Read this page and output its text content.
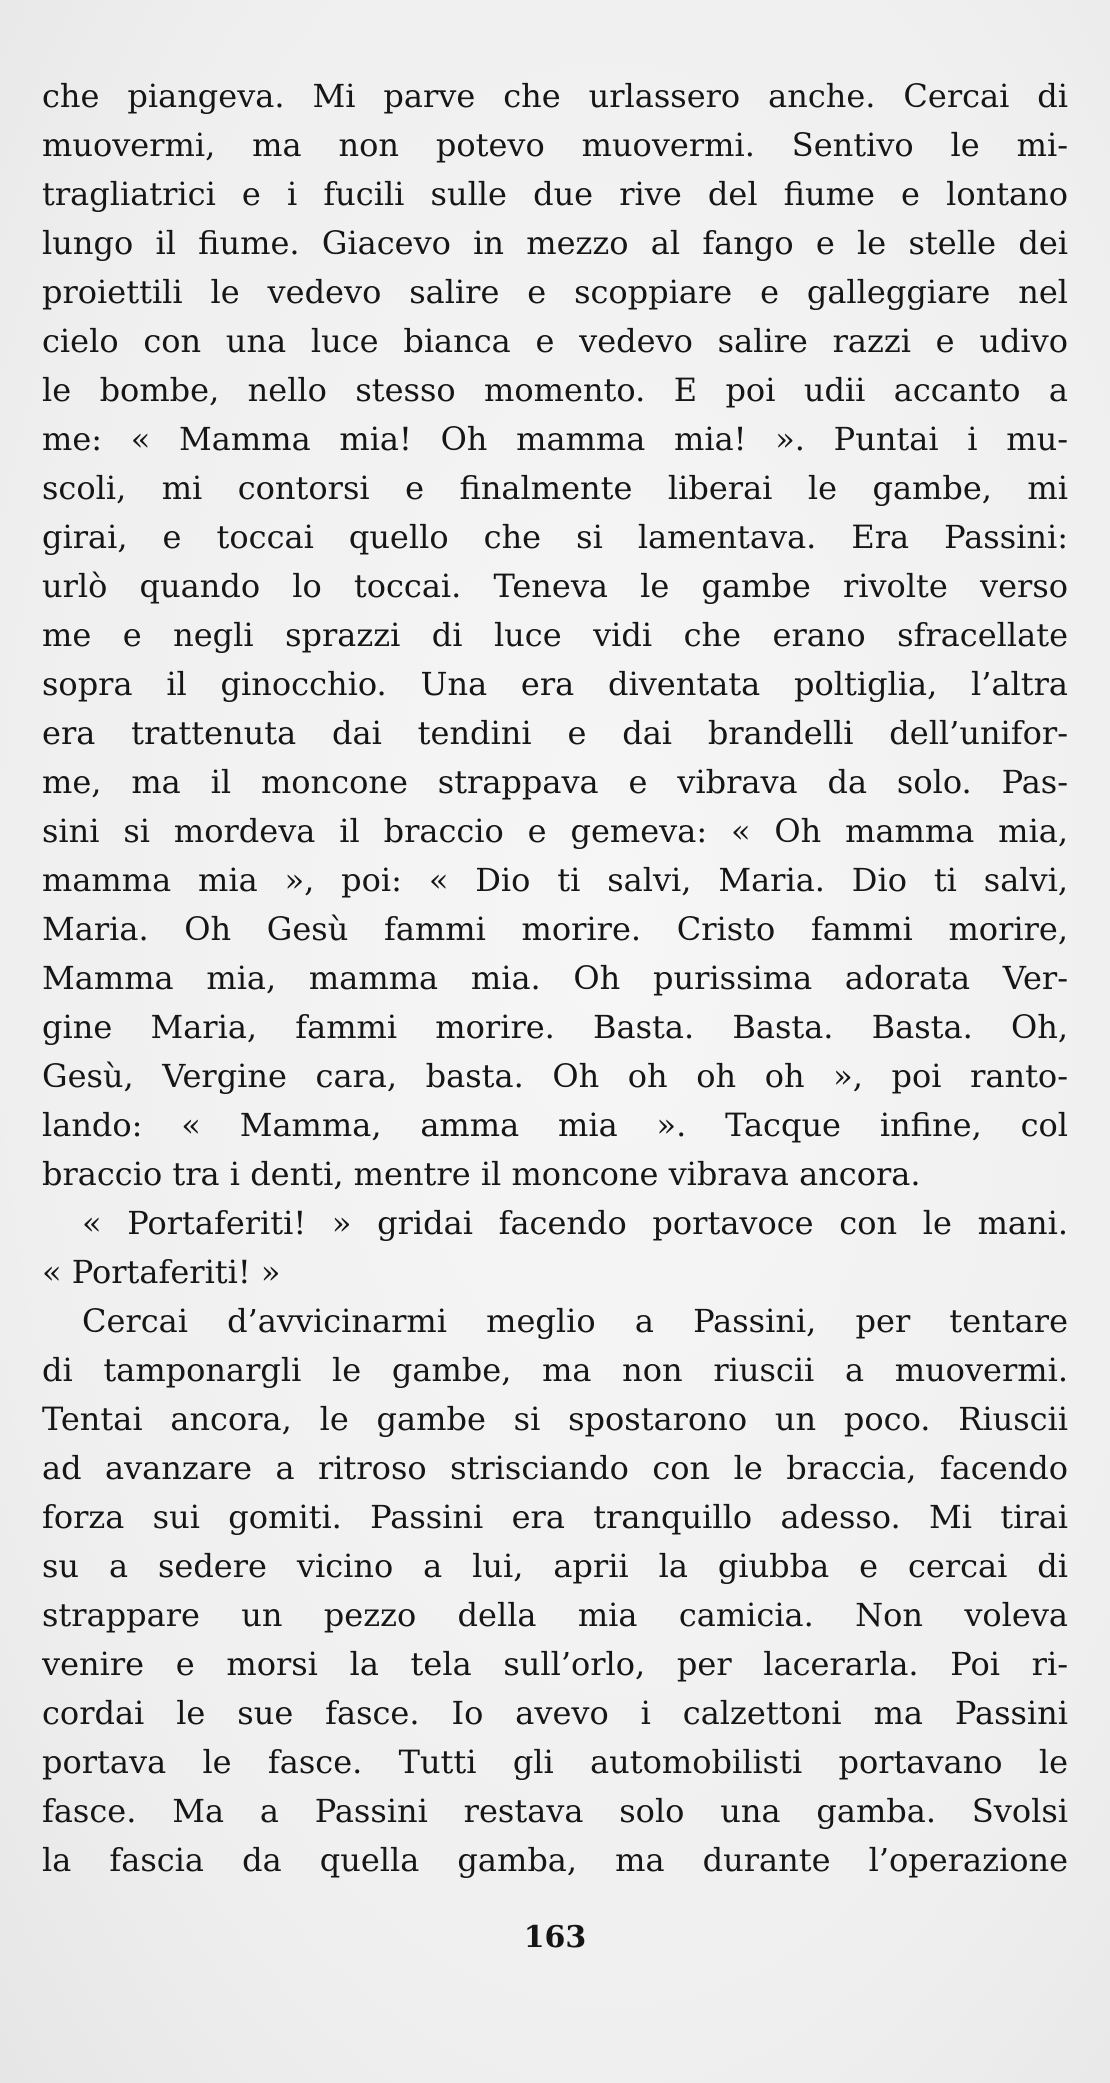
che piangeva. Mi parve che urlassero anche. Cercai di
muovermi, ma non potevo muovermi. Sentivo le mi-
tragliatrici e i fucili sulle due rive del fiume e lontano
lungo il fiume. Giacevo in mezzo al fango e le stelle dei
proiettili le vedevo salire e scoppiare e galleggiare nel
cielo con una luce bianca e vedevo salire razzi e udivo
le bombe, nello stesso momento. E poi udii accanto a
me: « Mamma mia! Oh mamma mia! ». Puntai i mu-
scoli, mi contorsi e finalmente liberai le gambe, mi
girai, e toccai quello che si lamentava. Era Passini:
urlò quando lo toccai. Teneva le gambe rivolte verso
me e negli sprazzi di luce vidi che erano sfracellate
sopra il ginocchio. Una era diventata poltiglia, l’altra
era trattenuta dai tendini e dai brandelli dell’unifor-
me, ma il moncone strappava e vibrava da solo. Pas-
sini si mordeva il braccio e gemeva: « Oh mamma mia,
mamma mia », poi: « Dio ti salvi, Maria. Dio ti salvi,
Maria. Oh Gesù fammi morire. Cristo fammi morire,
Mamma mia, mamma mia. Oh purissima adorata Ver-
gine Maria, fammi morire. Basta. Basta. Basta. Oh,
Gesù, Vergine cara, basta. Oh oh oh oh », poi ranto-
lando: « Mamma, amma mia ». Tacque infine, col
braccio tra i denti, mentre il moncone vibrava ancora.
« Portaferiti! » gridai facendo portavoce con le mani.
« Portaferiti! »
Cercai d’avvicinarmi meglio a Passini, per tentare
di tamponargli le gambe, ma non riuscii a muovermi.
Tentai ancora, le gambe si spostarono un poco. Riuscii
ad avanzare a ritroso strisciando con le braccia, facendo
forza sui gomiti. Passini era tranquillo adesso. Mi tirai
su a sedere vicino a lui, aprii la giubba e cercai di
strappare un pezzo della mia camicia. Non voleva
venire e morsi la tela sull’orlo, per lacerarla. Poi ri-
cordai le sue fasce. Io avevo i calzettoni ma Passini
portava le fasce. Tutti gli automobilisti portavano le
fasce. Ma a Passini restava solo una gamba. Svolsi
la fascia da quella gamba, ma durante l’operazione
163
